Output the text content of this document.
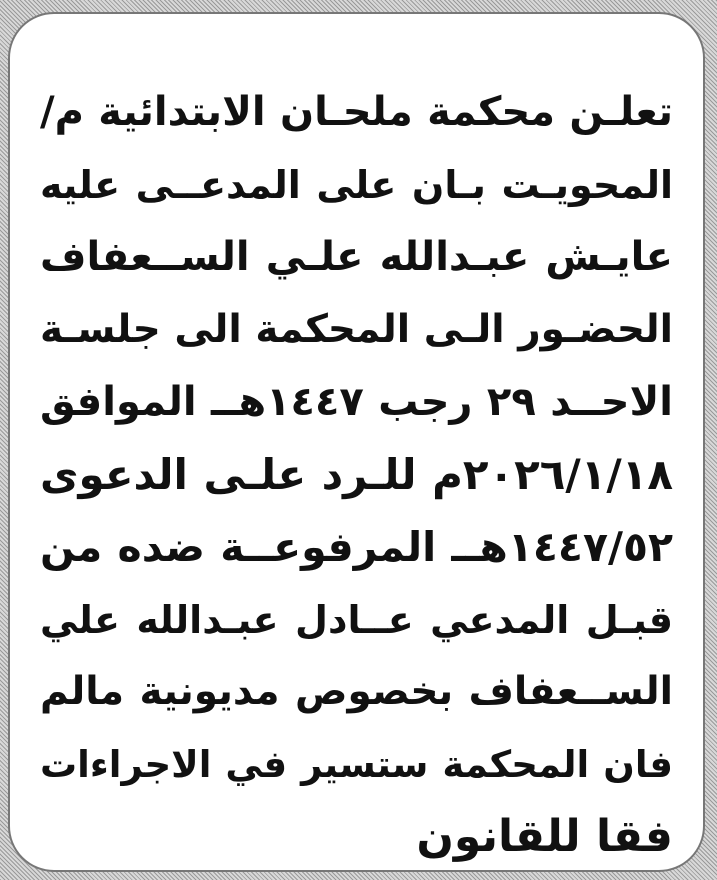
تعلـن محكمة ملحـان الابتدائية م/
المحويـت بـان على المدعــى عليه
عايـش عبـدالله علـي الســعفاف
الحضـور الـى المحكمة الى جلسـة
الاحــد ٢٩ رجب ١٤٤٧هــ الموافق
٢٠٢٦/١/١٨م للـرد علـى الدعوى
١٤٤٧/٥٢هــ المرفوعــة ضده من
قبـل المدعي عــادل عبـدالله علي
الســعفاف بخصوص مديونية مالم
فان المحكمة ستسير في الاجراءات
فقا للقانون
